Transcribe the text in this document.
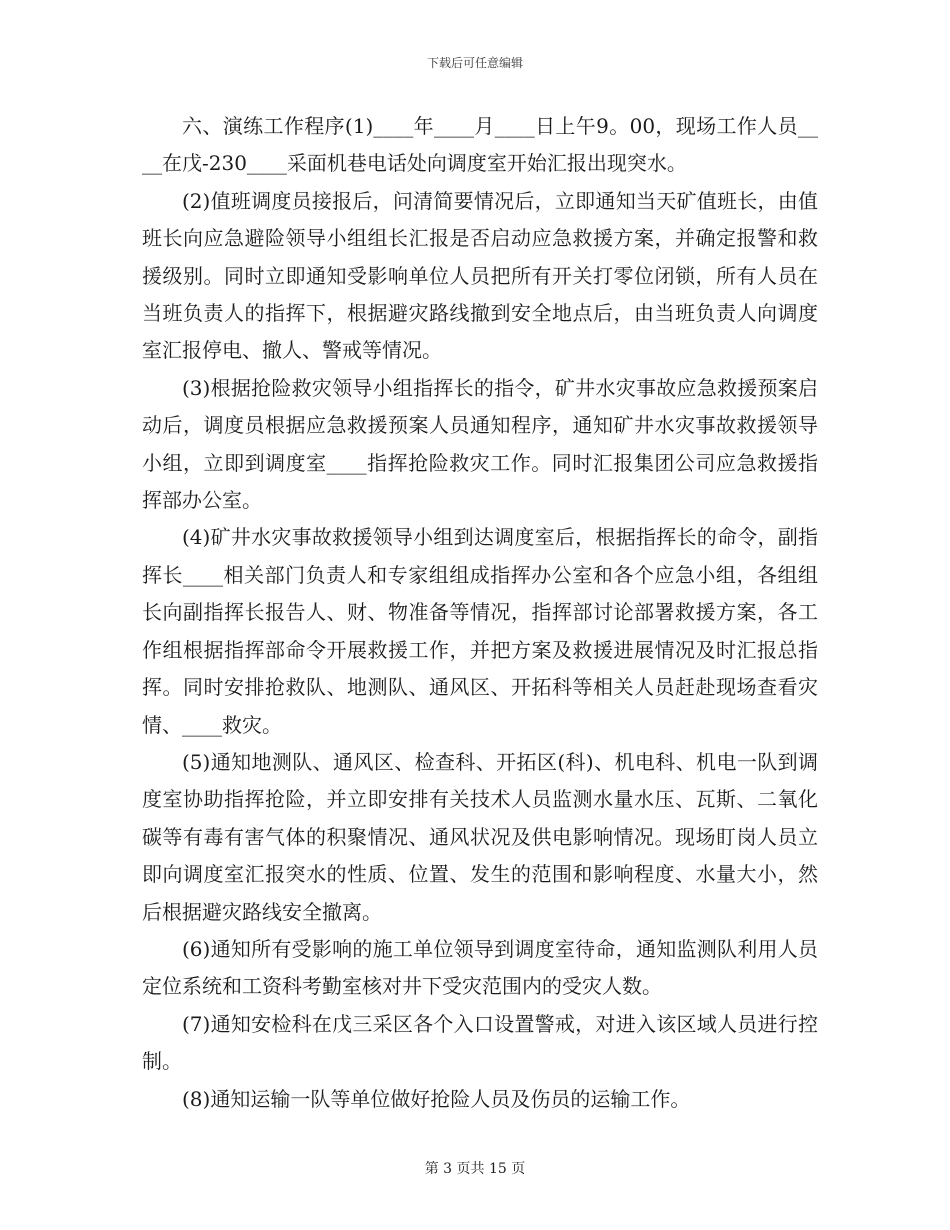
下载后可任意编辑

六、演练工作程序(1)____年____月____日上午9。00，现场工作人员____在戊-230____采面机巷电话处向调度室开始汇报出现突水。

(2)值班调度员接报后，问清简要情况后，立即通知当天矿值班长，由值班长向应急避险领导小组组长汇报是否启动应急救援方案，并确定报警和救援级别。同时立即通知受影响单位人员把所有开关打零位闭锁，所有人员在当班负责人的指挥下，根据避灾路线撤到安全地点后，由当班负责人向调度室汇报停电、撤人、警戒等情况。

(3)根据抢险救灾领导小组指挥长的指令，矿井水灾事故应急救援预案启动后，调度员根据应急救援预案人员通知程序，通知矿井水灾事故救援领导小组，立即到调度室____指挥抢险救灾工作。同时汇报集团公司应急救援指挥部办公室。

(4)矿井水灾事故救援领导小组到达调度室后，根据指挥长的命令，副指挥长____相关部门负责人和专家组组成指挥办公室和各个应急小组，各组组长向副指挥长报告人、财、物准备等情况，指挥部讨论部署救援方案，各工作组根据指挥部命令开展救援工作，并把方案及救援进展情况及时汇报总指挥。同时安排抢救队、地测队、通风区、开拓科等相关人员赶赴现场查看灾情、____救灾。

(5)通知地测队、通风区、检查科、开拓区(科)、机电科、机电一队到调度室协助指挥抢险，并立即安排有关技术人员监测水量水压、瓦斯、二氧化碳等有毒有害气体的积聚情况、通风状况及供电影响情况。现场盯岗人员立即向调度室汇报突水的性质、位置、发生的范围和影响程度、水量大小，然后根据避灾路线安全撤离。

(6)通知所有受影响的施工单位领导到调度室待命，通知监测队利用人员定位系统和工资科考勤室核对井下受灾范围内的受灾人数。

(7)通知安检科在戊三采区各个入口设置警戒，对进入该区域人员进行控制。

(8)通知运输一队等单位做好抢险人员及伤员的运输工作。

第 3 页共 15 页
